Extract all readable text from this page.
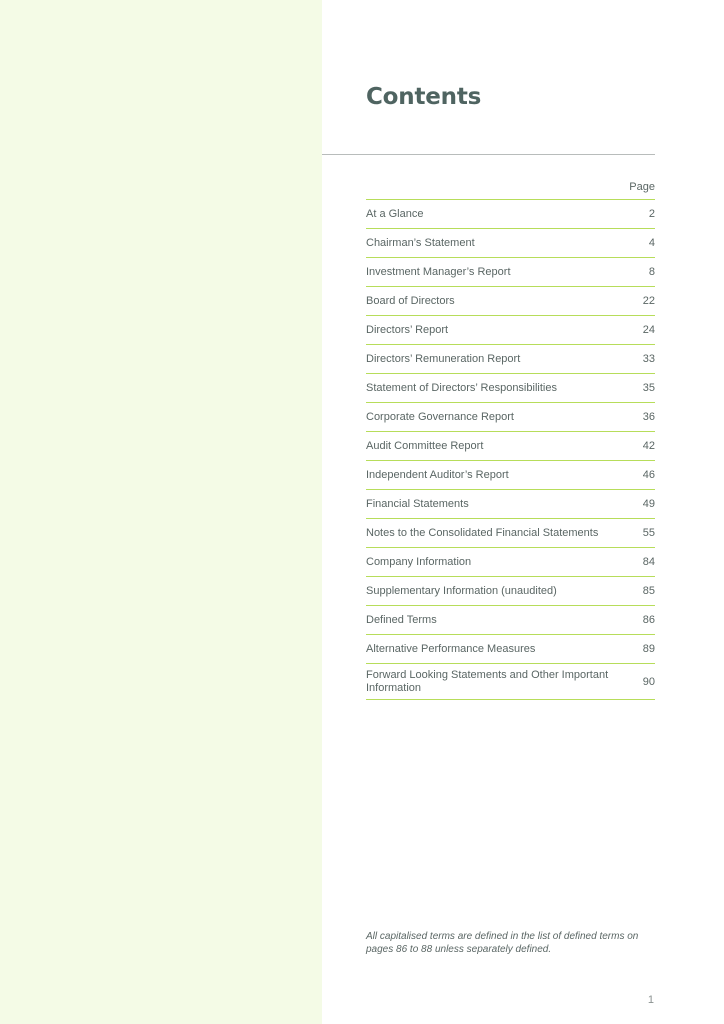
Contents
Page
At a Glance	2
Chairman’s Statement	4
Investment Manager’s Report	8
Board of Directors	22
Directors’ Report	24
Directors’ Remuneration Report	33
Statement of Directors’ Responsibilities	35
Corporate Governance Report	36
Audit Committee Report	42
Independent Auditor’s Report	46
Financial Statements	49
Notes to the Consolidated Financial Statements	55
Company Information	84
Supplementary Information (unaudited)	85
Defined Terms	86
Alternative Performance Measures	89
Forward Looking Statements and Other Important Information	90

All capitalised terms are defined in the list of defined terms on pages 86 to 88 unless separately defined.

1
